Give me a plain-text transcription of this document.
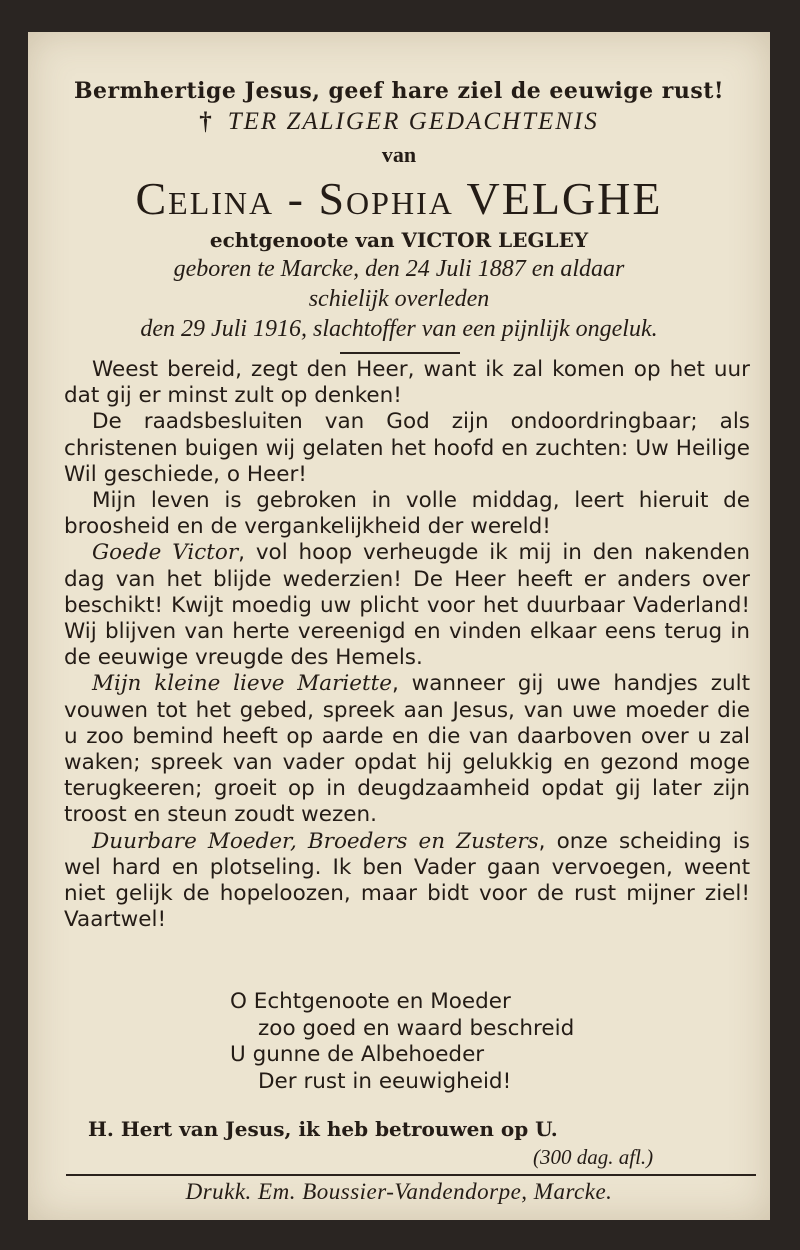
Bermhertige Jesus, geef hare ziel de eeuwige rust!
† TER ZALIGER GEDACHTENIS
van
Celina - Sophia VELGHE
echtgenoote van VICTOR LEGLEY
geboren te Marcke, den 24 Juli 1887 en aldaar
schielijk overleden
den 29 Juli 1916, slachtoffer van een pijnlijk ongeluk.

Weest bereid, zegt den Heer, want ik zal komen op het uur dat gij er minst zult op denken!

De raadsbesluiten van God zijn ondoordringbaar; als christenen buigen wij gelaten het hoofd en zuchten: Uw Heilige Wil geschiede, o Heer!

Mijn leven is gebroken in volle middag, leert hieruit de broosheid en de vergankelijkheid der wereld!

Goede Victor, vol hoop verheugde ik mij in den nakenden dag van het blijde wederzien! De Heer heeft er anders over beschikt! Kwijt moedig uw plicht voor het duurbaar Vaderland! Wij blijven van herte vereenigd en vinden elkaar eens terug in de eeuwige vreugde des Hemels.

Mijn kleine lieve Mariette, wanneer gij uwe handjes zult vouwen tot het gebed, spreek aan Jesus, van uwe moeder die u zoo bemind heeft op aarde en die van daarboven over u zal waken; spreek van vader opdat hij gelukkig en gezond moge terugkeeren; groeit op in deugdzaamheid opdat gij later zijn troost en steun zoudt wezen.

Duurbare Moeder, Broeders en Zusters, onze scheiding is wel hard en plotseling. Ik ben Vader gaan vervoegen, weent niet gelijk de hopeloozen, maar bidt voor de rust mijner ziel! Vaartwel!

O Echtgenoote en Moeder
zoo goed en waard beschreid
U gunne de Albehoeder
Der rust in eeuwigheid!
H. Hert van Jesus, ik heb betrouwen op U.
(300 dag. afl.)
Drukk. Em. Boussier-Vandendorpe, Marcke.
